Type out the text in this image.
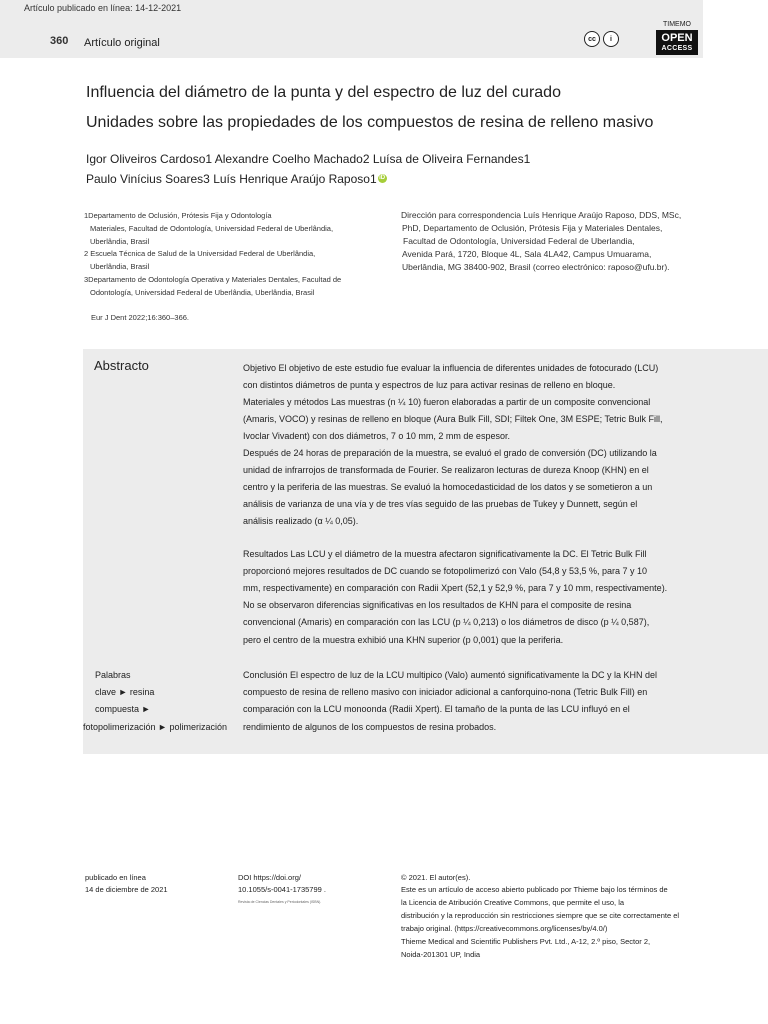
Artículo publicado en línea: 14-12-2021
360 Artículo original	cc	i
TIMEMO
OPEN
ACCESS
Influencia del diámetro de la punta y del espectro de luz del curado
Unidades sobre las propiedades de los compuestos de resina de relleno masivo
Igor Oliveiros Cardoso1 Alexandre Coelho Machado2 Luísa de Oliveira Fernandes1
Paulo Vinícius Soares3 Luís Henrique Araújo Raposo1 iD
1Departamento de Oclusión, Prótesis Fija y Odontología
Materiales, Facultad de Odontología, Universidad Federal de Uberlândia,
Uberlândia, Brasil
2 Escuela Técnica de Salud de la Universidad Federal de Uberlândia,
Uberlândia, Brasil
3Departamento de Odontología Operativa y Materiales Dentales, Facultad de
Odontología, Universidad Federal de Uberlândia, Uberlândia, Brasil
Eur J Dent 2022;16:360–366.
Dirección para correspondencia Luís Henrique Araújo Raposo, DDS, MSc,
PhD, Departamento de Oclusión, Prótesis Fija y Materiales Dentales,
Facultad de Odontología, Universidad Federal de Uberlandia,
Avenida Pará, 1720, Bloque 4L, Sala 4LA42, Campus Umuarama,
Uberlândia, MG 38400-902, Brasil (correo electrónico: raposo@ufu.br).
Abstracto	Objetivo El objetivo de este estudio fue evaluar la influencia de diferentes unidades de fotocurado (LCU)
con distintos diámetros de punta y espectros de luz para activar resinas de relleno en bloque.
Materiales y métodos Las muestras (n ¼ 10) fueron elaboradas a partir de un composite convencional
(Amaris, VOCO) y resinas de relleno en bloque (Aura Bulk Fill, SDI; Filtek One, 3M ESPE; Tetric Bulk Fill,
Ivoclar Vivadent) con dos diámetros, 7 o 10 mm, 2 mm de espesor.
Después de 24 horas de preparación de la muestra, se evaluó el grado de conversión (DC) utilizando la
unidad de infrarrojos de transformada de Fourier. Se realizaron lecturas de dureza Knoop (KHN) en el
centro y la periferia de las muestras. Se evaluó la homocedasticidad de los datos y se sometieron a un
análisis de varianza de una vía y de tres vías seguido de las pruebas de Tukey y Dunnett, según el
análisis realizado (α ¼ 0,05).
Resultados Las LCU y el diámetro de la muestra afectaron significativamente la DC. El Tetric Bulk Fill
proporcionó mejores resultados de DC cuando se fotopolimerizó con Valo (54,8 y 53,5 %, para 7 y 10
mm, respectivamente) en comparación con Radii Xpert (52,1 y 52,9 %, para 7 y 10 mm, respectivamente).
No se observaron diferencias significativas en los resultados de KHN para el composite de resina
convencional (Amaris) en comparación con las LCU (p ¼ 0,213) o los diámetros de disco (p ¼ 0,587),
pero el centro de la muestra exhibió una KHN superior (p 0,001) que la periferia.
Conclusión El espectro de luz de la LCU multipico (Valo) aumentó significativamente la DC y la KHN del
compuesto de resina de relleno masivo con iniciador adicional a canforquino-nona (Tetric Bulk Fill) en
comparación con la LCU monoonda (Radii Xpert). El tamaño de la punta de las LCU influyó en el
rendimiento de algunos de los compuestos de resina probados.
Palabras
clave ► resina
compuesta ►
fotopolimerización ► polimerización
publicado en línea
14 de diciembre de 2021
DOI https://doi.org/
10.1055/s-0041-1735799 .
Revista de Ciencias Dentales y Periodontales (ISBN).
© 2021. El autor(es).
Este es un artículo de acceso abierto publicado por Thieme bajo los términos de
la Licencia de Atribución Creative Commons, que permite el uso, la
distribución y la reproducción sin restricciones siempre que se cite correctamente el
trabajo original. (https://creativecommons.org/licenses/by/4.0/)
Thieme Medical and Scientific Publishers Pvt. Ltd., A-12, 2.º piso, Sector 2,
Noida-201301 UP, India
